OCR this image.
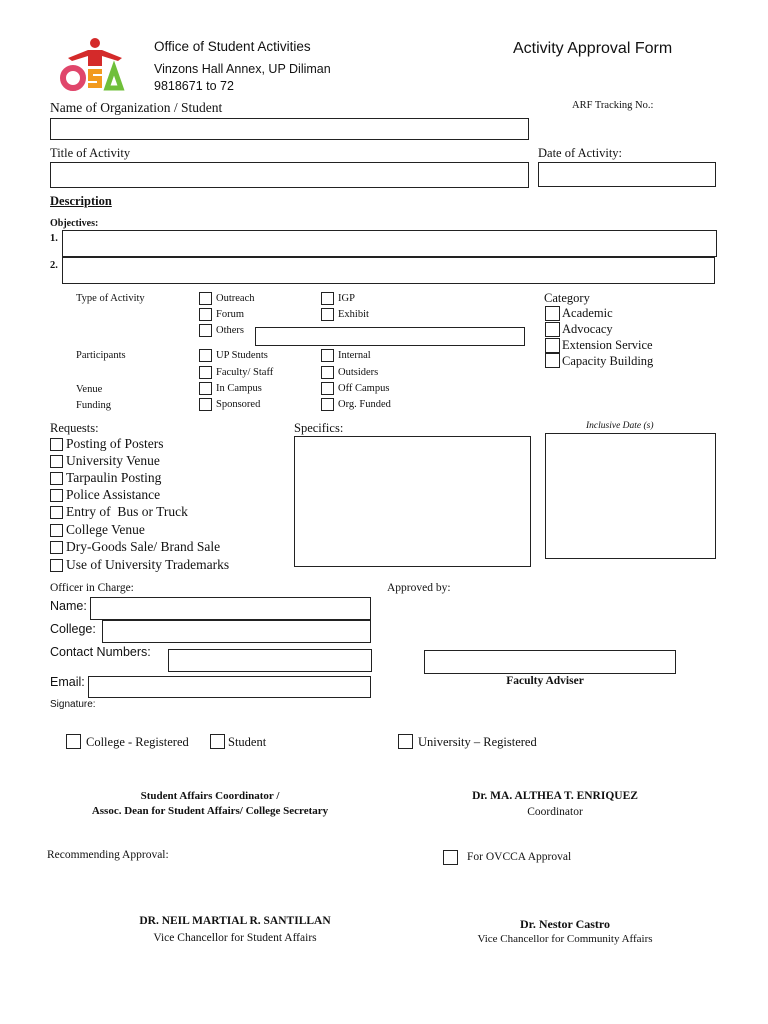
Office of Student Activities
Vinzons Hall Annex, UP Diliman
9818671 to 72
Activity Approval Form
Name of Organization / Student	ARF Tracking No.:
Title of Activity	Date of Activity:
Description
Objectives:
1.
2.
Type of Activity	Outreach	IGP
Forum	Exhibit
Others
Category
Academic
Advocacy
Extension Service
Capacity Building
Participants	UP Students	Internal
Faculty/ Staff	Outsiders
Venue	In Campus	Off Campus
Funding	Sponsored	Org. Funded
Requests:
Posting of Posters
University Venue
Tarpaulin Posting
Police Assistance
Entry of  Bus or Truck
College Venue
Dry-Goods Sale/ Brand Sale
Use of University Trademarks
Specifics:	Inclusive Date (s)
Officer in Charge:	Approved by:
Name:
College:
Contact Numbers:
Faculty Adviser
Email:
Signature:
College - Registered	Student	University – Registered
Student Affairs Coordinator /
Assoc. Dean for Student Affairs/ College Secretary
Dr. MA. ALTHEA T. ENRIQUEZ
Coordinator
Recommending Approval:	For OVCCA Approval
DR. NEIL MARTIAL R. SANTILLAN
Vice Chancellor for Student Affairs
Dr. Nestor Castro
Vice Chancellor for Community Affairs
